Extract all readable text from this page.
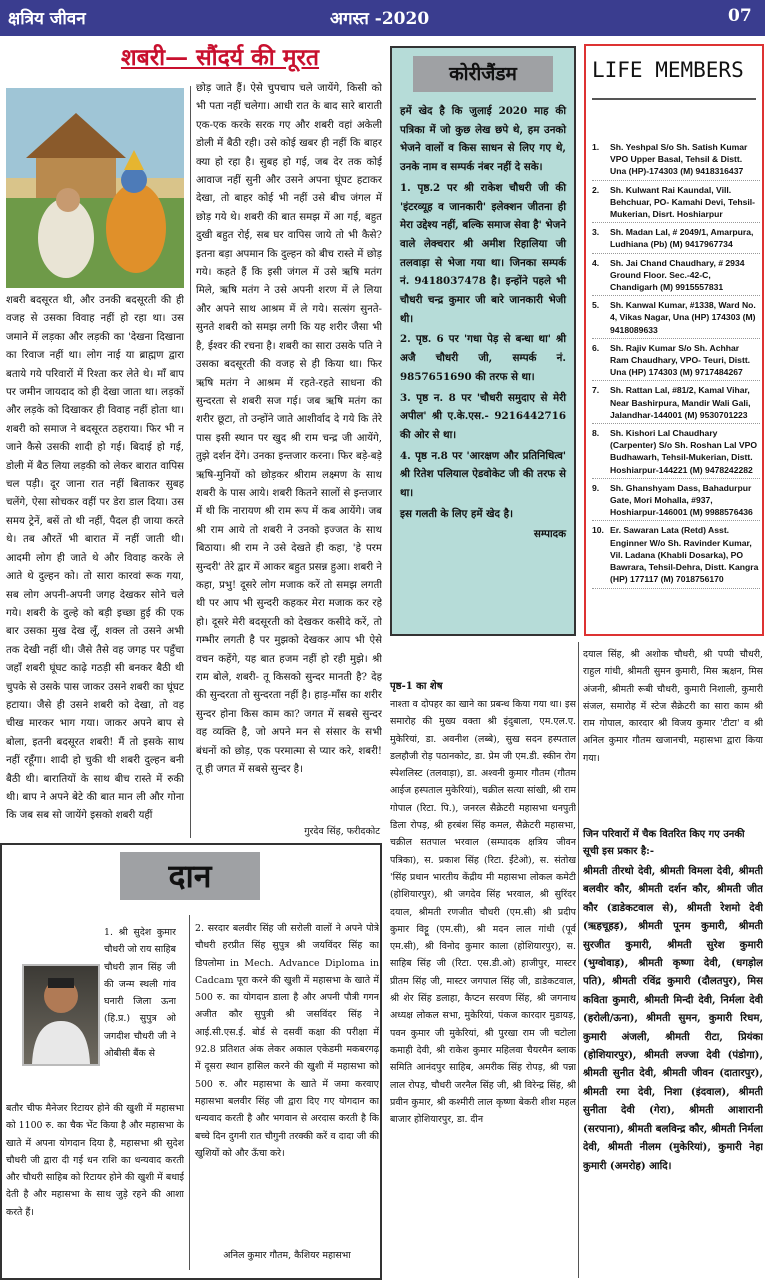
क्षत्रिय जीवन	अगस्त -2020	07
शबरी— सौंदर्य की मूरत
शबरी बदसूरत थी, और उनकी बदसूरती की ही वजह से उसका विवाह नहीं हो रहा था। उस जमाने में लड़का और लड़की का 'देखना दिखाना का रिवाज नहीं था। लोग नाई या ब्राह्मण द्वारा बताये गये परिवारों में रिश्ता कर लेते थे। माँ बाप पर जमीन जायदाद को ही देखा जाता था। लड़कों और लड़के को दिखाकर ही विवाह नहीं होता था। शबरी को समाज ने बदसूरत ठहराया। फिर भी न जाने कैसे उसकी शादी हो गई। बिदाई हो गई, डोली में बैठ लिया लड़की को लेकर बारात वापिस चल पड़ी। दूर जाना रात नहीं बिताकर सुबह चलेंगे, ऐसा सोचकर वहीं पर डेरा डाल दिया। उस समय ट्रेनें, बसें तो थी नहीं, पैदल ही जाया करते थे। तब औरतें भी बारात में नहीं जाती थी। आदमी लोग ही जाते थे और विवाह करके ले आते थे दुल्हन को। तो सारा कारवां रूक गया, सब लोग अपनी-अपनी जगह देखकर सोने चले गये। शबरी के दुल्हे को बड़ी इच्छा हुई की एक बार उसका मुख देख लूँ, शक्ल तो उसने अभी तक देखी नहीं थी। जैसे तैसे वह जगह पर पहुँचा जहाँ शबरी घूंघट काढ़े गठड़ी सी बनकर बैठी थी चुपके से उसके पास जाकर उसने शबरी का घूंघट हटाया। जैसे ही उसने शबरी को देखा, तो वह चीख मारकर भाग गया। जाकर अपने बाप से बोला, इतनी बदसूरत शबरी! मैं तो इसके साथ नहीं रहूँगा। शादी हो चुकी थी शबरी दुल्हन बनी बैठी थी। बारातियों के साथ बीच रास्ते में रुकी थी। बाप ने अपने बेटे की बात मान ली और गोना कि जब सब सो जायेंगे इसको शबरी यहीं
छोड़ जाते हैं। ऐसे चुपचाप चले जायेंगे, किसी को भी पता नहीं चलेगा। आधी रात के बाद सारे बाराती एक-एक करके सरक गए और शबरी वहां अकेली डोली में बैठी रही। उसे कोई खबर ही नहीं कि बाहर क्या हो रहा है। सुबह हो गई, जब देर तक कोई आवाज नहीं सुनी और उसने अपना घूंघट हटाकर देखा, तो बाहर कोई भी नहीं उसे बीच जंगल में छोड़ गये थे। शबरी की बात समझ में आ गई, बहुत दुखी बहुत रोई, सब घर वापिस जाये तो भी कैसे? इतना बड़ा अपमान कि दुल्हन को बीच रास्ते में छोड़ गये। कहते हैं कि इसी जंगल में उसे ऋषि मतंग मिले, ऋषि मतंग ने उसे अपनी शरण में ले लिया और अपने साथ आश्रम में ले गये। सत्संग सुनते-सुनते शबरी को समझ लगी कि यह शरीर जैसा भी है, ईश्वर की रचना है। शबरी का सारा उसके पति ने उसका बदसूरती की वजह से ही किया था। फिर ऋषि मतंग ने आश्रम में रहते-रहते साधना की सुन्दरता से शबरी सज गई। जब ऋषि मतंग का शरीर छूटा, तो उन्होंने जाते आशीर्वाद दे गये कि तेरे पास इसी स्थान पर खुद श्री राम चन्द्र जी आयेंगे, तुझे दर्शन देंगे। उनका इन्तजार करना। फिर बड़े-बड़े ऋषि-मुनियों को छोड़कर श्रीराम लक्ष्मण के साथ शबरी के पास आये। शबरी कितने सालों से इन्तजार में थी कि नारायण श्री राम रूप में कब आयेंगे। जब श्री राम आये तो शबरी ने उनको इज्जत के साथ बिठाया। श्री राम ने उसे देखते ही कहा, 'हे परम सुन्दरी' तेरे द्वार में आकर बहुत प्रसन्न हुआ। शबरी ने कहा, प्रभु! दूसरे लोग मजाक करें तो समझ लगती थी पर आप भी सुन्दरी कहकर मेरा मजाक कर रहे हो। दूसरे मेरी बदसूरती को देखकर कसीदे करें, तो गम्भीर लगती है पर मुझको देखकर आप भी ऐसे वचन कहेंगे, यह बात हजम नहीं हो रही मुझे। श्री राम बोले, शबरी- तू किसको सुन्दर मानती है? देह की सुन्दरता तो सुन्दरता नहीं है। हाड़-माँस का शरीर सुन्दर होना किस काम का? जगत में सबसे सुन्दर वह व्यक्ति है, जो अपने मन से संसार के सभी बंधनों को छोड़, एक परमात्मा से प्यार करे, शबरी! तू ही जगत में सबसे सुन्दर है।
गुरदेव सिंह, फरीदकोट
कोरीजैंडम

हमें खेद है कि जुलाई 2020 माह की पत्रिका में जो कुछ लेख छपे थे, हम उनको भेजने वालों व किस साधन से लिए गए थे, उनके नाम व सम्पर्क नंबर नहीं दे सके।

1. पृष्ठ.2 पर श्री राकेश चौधरी जी की 'इंटरव्यूह व जानकारी' इलेक्शन जीतना ही मेरा उद्देश्य नहीं, बल्कि समाज सेवा है' भेजने वाले लेक्चरार श्री अमीश रिहालिया जी तलवाड़ा से भेजा गया था। जिनका सम्पर्क नं. 9418037478 है। इन्होंने पहले भी चौधरी चन्द्र कुमार जी बारे जानकारी भेजी थी।

2. पृष्ठ. 6 पर 'गधा पेड़ से बन्धा था' श्री अजै चौधरी जी, सम्पर्क नं. 9857651690 की तरफ से था।

3. पृष्ठ न. 8 पर 'चौधरी समुदाए से मेरी अपील' श्री ए.के.एस.- 9216442716 की ओर से था।

4. पृष्ठ न.8 पर 'आरक्षण और प्रतिनिधित्व' श्री रितेश पलियाल ऐडवोकेट जी की तरफ से था।

इस गलती के लिए हमें खेद है।

सम्पादक

LIFE MEMBERS
1.	Sh. Yeshpal S/o Sh. Satish Kumar VPO Upper Basal, Tehsil & Distt. Una (HP)-174303 (M) 9418316437
2.	Sh. Kulwant Rai Kaundal, Vill. Behchuar, PO- Kamahi Devi, Tehsil- Mukerian, Disrt. Hoshiarpur
3.	Sh. Madan Lal, # 2049/1, Amarpura, Ludhiana (Pb) (M) 9417967734
4.	Sh. Jai Chand Chaudhary, # 2934 Ground Floor. Sec.-42-C, Chandigarh (M) 9915557831
5.	Sh. Kanwal Kumar, #1338, Ward No. 4, Vikas Nagar, Una (HP) 174303 (M) 9418089633
6.	Sh. Rajiv Kumar S/o Sh. Achhar Ram Chaudhary, VPO- Teuri, Distt. Una (HP) 174303 (M) 9717484267
7.	Sh. Rattan Lal, #81/2, Kamal Vihar, Near Bashirpura, Mandir Wali Gali, Jalandhar-144001 (M) 9530701223
8.	Sh. Kishori Lal Chaudhary (Carpenter) S/o Sh. Roshan Lal VPO Budhawarh, Tehsil-Mukerian, Distt. Hoshiarpur-144221 (M) 9478242282
9.	Sh. Ghanshyam Dass, Bahadurpur Gate, Mori Mohalla, #937, Hoshiarpur-146001 (M) 9988576436
10. Er. Sawaran Lata (Retd) Asst. Enginner W/o Sh. Ravinder Kumar, Vil. Ladana (Khabli Dosarka), PO Bawrara, Tehsil-Dehra, Distt. Kangra (HP) 177117 (M) 7018756170
दान
1. श्री सुदेश कुमार चौधरी जो राय साहिब चौधरी ज्ञान सिंह जी की जन्म स्थली गांव घनारी जिला ऊना (हि.प्र.) सुपुत्र ओ जगदीश चौधरी जी ने ओबीसी बैंक से
बतौर चीफ मैनेजर रिटायर होने की खुशी में महासभा को 1100 रु. का चैक भेंट किया है और महासभा के खाते में अपना योगदान दिया है, महासभा श्री सुदेश चौधरी जी द्वारा दी गई धन राशि का धन्यवाद करती और चौधरी साहिब को रिटायर होने की खुशी में बधाई देती है और महासभा के साथ जुड़े रहने की आशा करते हैं।
2. सरदार बलवीर सिंह जी सरोली वालों ने अपने पोत्रे चौधरी हरप्रीत सिंह सुपुत्र श्री जयविंदर सिंह का डिपलोमा in Mech. Advance Diploma in Cadcam पूरा करने की खुशी में महासभा के खाते में 500 रु. का योगदान डाला है और अपनी पौत्री गगन अजीत कौर सुपुत्री श्री जसविंदर सिंह ने आई.सी.एस.ई. बोर्ड से दसवीं कक्षा की परीक्षा में 92.8 प्रतिशत अंक लेकर अकाल एकेडमी मकबरगढ़ में दूसरा स्थान हासिल करने की खुशी में महासभा को 500 रु. और महासभा के खाते में जमा करवाए महासभा बलवीर सिंह जी द्वारा दिए गए योगदान का धन्यवाद करती है और भगवान से अरदास करती है कि बच्चे दिन दुगनी रात चौगुनी तरक्की करें व दादा जी की खुशियों को और ऊँचा करे।
अनिल कुमार गौतम, कैशियर महासभा
पृष्ठ-1 का शेष
नाश्ता व दोपहर का खाने का प्रबन्ध किया गया था। इस समारोह की मुख्य वक्ता श्री इंदुबाला, एम.एल.ए. मुकेरियां, डा. अवनीश (लब्बे), सुख सदन हस्पताल डलहौजी रोड़ पठानकोट, डा. प्रेम जी एम.डी. स्कीन रोग स्पेशलिस्ट (तलवाड़ा), डा. अश्वनी कुमार गौतम (गौतम आईज हस्पताल मुकेरियां), चक्रील सत्या सांखी, श्री राम गोपाल (रिटा. पि.), जनरल सैक्रेटरी महासभा धनपुती डिला रोपड़, श्री हरबंश सिंह कमल, सैक्रेटरी महासभा, चक्रील सतपाल भरवाल (सम्पादक क्षत्रिय जीवन पत्रिका), स. प्रकाश सिंह (रिटा. ईंटेओ), स. संतोख 'सिंह प्रधान भारतीय केंद्रीय मी महासभा लोकल कमेटी (होशियारपुर), श्री जगदेव सिंह भरवाल, श्री सुरिंदर दयाल, श्रीमती रणजीत चौधरी (एम.सी) श्री प्रदीप कुमार विट्टू (एम.सी), श्री मदन लाल गांधी (पूर्व एम.सी), श्री विनोद कुमार काला (होशियारपुर), स. साहिब सिंह जी (रिटा. एस.डी.ओ) हाजीपुर, मास्टर प्रीतम सिंह जी, मास्टर जगपाल सिंह जी, डाडेकटवाल, श्री शेर सिंह डलाहा, कैप्टन सरवण सिंह, श्री जगनाथ अध्यक्ष लोकल सभा, मुकेरियां, पंकज कारदार मुडायड़, पवन कुमार जी मुकेरियां, श्री पुरखा राम जी चटोला कमाही देवी, श्री राकेश कुमार महिलवा चैयरमैन ब्लाक समिति आनंदपुर साहिब, अमरीक सिंह रोपड़, श्री पन्ना लाल रोपड़, चौधरी जरनैल सिंह जी, श्री विरेन्द्र सिंह, श्री प्रवीन कुमार, श्री कश्मीरी लाल कृष्णा बेकरी शीश महल बाजार होशियारपुर, डा. दीन
दयाल सिंह, श्री अशोक चौधरी, श्री पप्पी चौधरी, राहुल गांधी, श्रीमती सुमन कुमारी, मिस ऋक्षन, मिस अंजनी, श्रीमती रूबी चौधरी, कुमारी निशाली, कुमारी संजल, समारोह में स्टेज सैक्रेटरी का सारा काम श्री राम गोपाल, कारदार श्री विजय कुमार 'टीटा' व श्री अनिल कुमार गौतम खजानची, महासभा द्वारा किया गया।
जिन परिवारों में चैक वितरित किए गए उनकी सूची इस प्रकार है:-
श्रीमती तीरथो देवी, श्रीमती विमला देवी, श्रीमती बलवीर कौर, श्रीमती दर्शन कौर, श्रीमती जीत कौर (डाडेकटवाल से), श्रीमती रेशमो देवी (ऋहचूहड़), श्रीमती पूनम कुमारी, श्रीमती सुरजीत कुमारी, श्रीमती सुरेश कुमारी (भुग्वोवाड़), श्रीमती कृष्णा देवी, (धगड़ोल पति), श्रीमती रविंद्र कुमारी (दौलतपुर), मिस कविता कुमारी, श्रीमती मिन्दी देवी, निर्मला देवी (हरोली/ऊना), श्रीमती सुमन, कुमारी रिधम, कुमारी अंजली, श्रीमती रीटा, प्रियंका (होशियारपुर), श्रीमती लज्जा देवी (पंडोगा), श्रीमती सुनीत देवी, श्रीमती जीवन (दातारपुर), श्रीमती रमा देवी, निशा (इंदवाल), श्रीमती सुनीता देवी (गेरा), श्रीमती आशारानी (सरपाना), श्रीमती बलविन्द्र कौर, श्रीमती निर्मला देवी, श्रीमती नीलम (मुकेरियां), कुमारी नेहा कुमारी (अमरोह) आदि।
